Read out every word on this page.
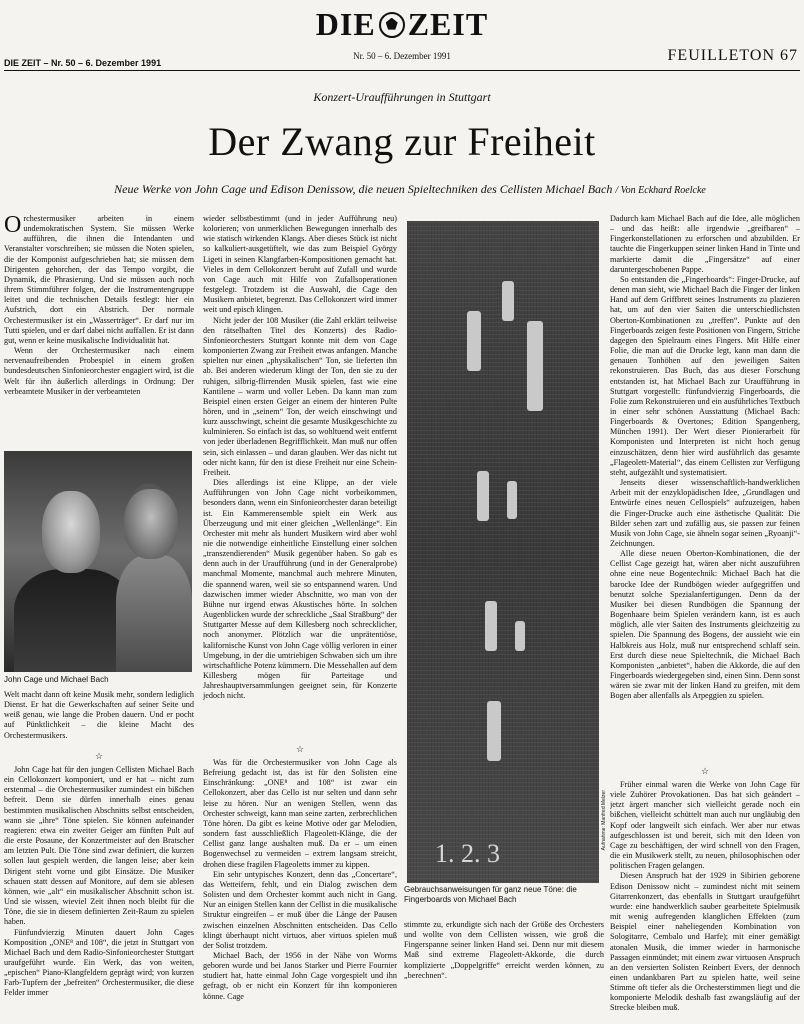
DIE ZEIT
Nr. 50 – 6. Dezember 1991
DIE ZEIT – Nr. 50 – 6. Dezember 1991	FEUILLETON 67
Konzert-Uraufführungen in Stuttgart
Der Zwang zur Freiheit
Neue Werke von John Cage und Edison Denissow, die neuen Spieltechniken des Cellisten Michael Bach / Von Eckhard Roelcke

Orchestermusiker arbeiten in einem undemokratischen System. Sie müssen Werke aufführen, die ihnen die Intendanten und Veranstalter vorschreiben; sie müssen die Noten spielen, die der Komponist aufgeschrieben hat; sie müssen dem Dirigenten gehorchen, der das Tempo vorgibt, die Dynamik, die Phrasierung. Und sie müssen auch noch ihrem Stimmführer folgen, der die Instrumentengruppe leitet und die technischen Details festlegt: hier ein Aufstrich, dort ein Abstrich. Der normale Orchestermusiker ist ein „Wasserträger“. Er darf nur im Tutti spielen, und er darf dabei nicht auffallen. Er ist dann gut, wenn er keine musikalische Individualität hat.

Wenn der Orchestermusiker nach einem nervenaufreibenden Probespiel in einem großen bundesdeutschen Sinfonieorchester engagiert wird, ist die Welt für ihn äußerlich allerdings in Ordnung: Der verbeamtete Musiker in der verbeamteten

John Cage und Michael Bach

Welt macht dann oft keine Musik mehr, sondern lediglich Dienst. Er hat die Gewerkschaften auf seiner Seite und weiß genau, wie lange die Proben dauern. Und er pocht auf Pünktlichkeit – die kleine Macht des Orchestermusikers.

☆

John Cage hat für den jungen Cellisten Michael Bach ein Cellokonzert komponiert, und er hat – nicht zum erstenmal – die Orchestermusiker zumindest ein bißchen befreit. Denn sie dürfen innerhalb eines genau bestimmten musikalischen Abschnitts selbst entscheiden, wann sie „ihre“ Töne spielen. Sie können aufeinander reagieren: etwa ein zweiter Geiger am fünften Pult auf die erste Posaune, der Konzertmeister auf den Bratscher am letzten Pult. Die Töne sind zwar definiert, die kurzen sollen laut gespielt werden, die langen leise; aber kein Dirigent steht vorne und gibt Einsätze. Die Musiker schauen statt dessen auf Monitore, auf dem sie ablesen können, wie „alt“ ein musikalischer Abschnitt schon ist. Und sie wissen, wieviel Zeit ihnen noch bleibt für die Töne, die sie in diesem definierten Zeit-Raum zu spielen haben.

Fünfundvierzig Minuten dauert John Cages Komposition „ONE⁸ and 108“, die jetzt in Stuttgart von Michael Bach und dem Radio-Sinfonieorchester Stuttgart uraufgeführt wurde. Ein Werk, das von weiten, „epischen“ Piano-Klangfeldern geprägt wird; von kurzen Farb-Tupfern der „befreiten“ Orchestermusiker, die diese Felder immer

wieder selbstbestimmt (und in jeder Aufführung neu) kolorieren; von unmerklichen Bewegungen innerhalb des wie statisch wirkenden Klangs. Aber dieses Stück ist nicht so kalkuliert-ausgetüftelt, wie das zum Beispiel György Ligeti in seinen Klangfarben-Kompositionen gemacht hat. Vieles in dem Cellokonzert beruht auf Zufall und wurde von Cage auch mit Hilfe von Zufallsoperationen festgelegt. Trotzdem ist die Auswahl, die Cage den Musikern anbietet, begrenzt. Das Cellokonzert wird immer weit und episch klingen.

Nicht jeder der 108 Musiker (die Zahl erklärt teilweise den rätselhaften Titel des Konzerts) des Radio-Sinfonieorchesters Stuttgart konnte mit dem von Cage komponierten Zwang zur Freiheit etwas anfangen. Manche spielten nur einen „physikalischen“ Ton, sie lieferten ihn ab. Bei anderen wiederum klingt der Ton, den sie zu der ruhigen, silbrig-flirrenden Musik spielen, fast wie eine Kantilene – warm und voller Leben. Da kann man zum Beispiel einen ersten Geiger an einem der hinteren Pulte hören, und in „seinem“ Ton, der weich einschwingt und kurz ausschwingt, scheint die gesamte Musikgeschichte zu kulminieren. So einfach ist das, so wohltuend weit entfernt von jeder überladenen Begrifflichkeit. Man muß nur offen sein, sich einlassen – und daran glauben. Wer das nicht tut oder nicht kann, für den ist diese Freiheit nur eine Schein-Freiheit.

Dies allerdings ist eine Klippe, an der viele Aufführungen von John Cage nicht vorbeikommen, besonders dann, wenn ein Sinfonieorchester daran beteiligt ist. Ein Kammerensemble spielt ein Werk aus Überzeugung und mit einer gleichen „Wellenlänge“. Ein Orchester mit mehr als hundert Musikern wird aber wohl nie die notwendige einheitliche Einstellung einer solchen „transzendierenden“ Musik gegenüber haben. So gab es denn auch in der Uraufführung (und in der Generalprobe) manchmal Momente, manchmal auch mehrere Minuten, die spannend waren, weil sie so entspannend waren. Und dazwischen immer wieder Abschnitte, wo man von der Bühne nur irgend etwas Akustisches hörte. In solchen Augenblicken wurde der schreckliche „Saal Straßburg“ der Stuttgarter Messe auf dem Killesberg noch schrecklicher, noch anonymer. Plötzlich war die unprätentiöse, kalifornische Kunst von John Cage völlig verloren in einer Umgebung, in der die umtriebigen Schwaben sich um ihre wirtschaftliche Potenz kümmern. Die Messehallen auf dem Killesberg mögen für Parteitage und Jahreshauptversammlungen geeignet sein, für Konzerte jedoch nicht.

☆

Was für die Orchestermusiker von John Cage als Befreiung gedacht ist, das ist für den Solisten eine Einschränkung: „ONE⁸ and 108“ ist zwar ein Cellokonzert, aber das Cello ist nur selten und dann sehr leise zu hören. Nur an wenigen Stellen, wenn das Orchester schweigt, kann man seine zarten, zerbrechlichen Töne hören. Da gibt es keine Motive oder gar Melodien, sondern fast ausschließlich Flageolett-Klänge, die der Cellist ganz lange aushalten muß. Da er – um einen Bogenwechsel zu vermeiden – extrem langsam streicht, drohen diese fragilen Flageoletts immer zu kippen.

Ein sehr untypisches Konzert, denn das „Concertare“, das Wetteifern, fehlt, und ein Dialog zwischen dem Solisten und dem Orchester kommt auch nicht in Gang. Nur an einigen Stellen kann der Cellist in die musikalische Struktur eingreifen – er muß über die Länge der Pausen zwischen einzelnen Abschnitten entscheiden. Das Cello klingt überhaupt nicht virtuos, aber virtuos spielen muß der Solist trotzdem.

Michael Bach, der 1956 in der Nähe von Worms geboren wurde und bei Janos Starker und Pierre Fournier studiert hat, hatte einmal John Cage vorgespielt und ihn gefragt, ob er nicht ein Konzert für ihn komponieren könne. Cage

1. 2. 3
Aufnahme: Manfred Melzer
Gebrauchsanweisungen für ganz neue Töne: die Fingerboards von Michael Bach

stimmte zu, erkundigte sich nach der Größe des Orchesters und wollte von dem Cellisten wissen, wie groß die Fingerspanne seiner linken Hand sei. Denn nur mit diesem Maß sind extreme Flageolett-Akkorde, die durch komplizierte „Doppelgriffe“ erreicht werden können, zu „berechnen“.

Dadurch kam Michael Bach auf die Idee, alle möglichen – und das heißt: alle irgendwie „greifbaren“ – Fingerkonstellationen zu erforschen und abzubilden. Er tauchte die Fingerkuppen seiner linken Hand in Tinte und markierte damit die „Fingersätze“ auf einer daruntergeschobenen Pappe.

So entstanden die „Fingerboards“: Finger-Drucke, auf denen man sieht, wie Michael Bach die Finger der linken Hand auf dem Griffbrett seines Instruments zu plazieren hat, um auf den vier Saiten die unterschiedlichsten Oberton-Kombinationen zu „treffen“. Punkte auf den Fingerboards zeigen feste Positionen von Fingern, Striche dagegen den Spielraum eines Fingers. Mit Hilfe einer Folie, die man auf die Drucke legt, kann man dann die genauen Tonhöhen auf den jeweiligen Saiten rekonstruieren. Das Buch, das aus dieser Forschung entstanden ist, hat Michael Bach zur Uraufführung in Stuttgart vorgestellt: fünfundvierzig Fingerboards, die Folie zum Rekonstruieren und ein ausführliches Textbuch in einer sehr schönen Ausstattung (Michael Bach: Fingerboards & Overtones; Edition Spangenberg, München 1991). Der Wert dieser Pionierarbeit für Komponisten und Interpreten ist nicht hoch genug einzuschätzen, denn hier wird ausführlich das gesamte „Flageolett-Material“, das einem Cellisten zur Verfügung steht, aufgezählt und systematisiert.

Jenseits dieser wissenschaftlich-handwerklichen Arbeit mit der enzyklopädischen Idee, „Grundlagen und Entwürfe eines neuen Cellospiels“ aufzuzeigen, haben die Finger-Drucke auch eine ästhetische Qualität: Die Bilder sehen zart und zufällig aus, sie passen zur feinen Musik von John Cage, sie ähneln sogar seinen „Ryoanji“-Zeichnungen.

Alle diese neuen Oberton-Kombinationen, die der Cellist Cage gezeigt hat, wären aber nicht auszuführen ohne eine neue Bogentechnik: Michael Bach hat die barocke Idee der Rundbögen wieder aufgegriffen und benutzt solche Spezialanfertigungen. Denn da der Musiker bei diesen Rundbögen die Spannung der Bogenhaare beim Spielen verändern kann, ist es auch möglich, alle vier Saiten des Instruments gleichzeitig zu spielen. Die Spannung des Bogens, der aussieht wie ein Halbkreis aus Holz, muß nur entsprechend schlaff sein. Erst durch diese neue Spieltechnik, die Michael Bach Komponisten „anbietet“, haben die Akkorde, die auf den Fingerboards wiedergegeben sind, einen Sinn. Denn sonst wären sie zwar mit der linken Hand zu greifen, mit dem Bogen aber allenfalls als Arpeggien zu spielen.

☆

Früher einmal waren die Werke von John Cage für viele Zuhörer Provokationen. Das hat sich geändert – jetzt ärgert mancher sich vielleicht gerade noch ein bißchen, vielleicht schüttelt man auch nur ungläubig den Kopf oder langweilt sich einfach. Wer aber nur etwas aufgeschlossen ist und bereit, sich mit den Ideen von Cage zu beschäftigen, der wird schnell von den Fragen, die ein Musikwerk stellt, zu neuen, philosophischen oder politischen Fragen gelangen.

Diesen Anspruch hat der 1929 in Sibirien geborene Edison Denissow nicht – zumindest nicht mit seinem Gitarrenkonzert, das ebenfalls in Stuttgart uraufgeführt wurde: eine handwerklich sauber gearbeitete Spielmusik mit wenig aufregenden klanglichen Effekten (zum Beispiel einer naheliegenden Kombination von Sologitarre, Cembalo und Harfe); mit einer gemäßigt atonalen Musik, die immer wieder in harmonische Passagen einmündet; mit einem zwar virtuosen Anspruch an den versierten Solisten Reinbert Evers, der dennoch einen undankbaren Part zu spielen hatte, weil seine Stimme oft tiefer als die Orchesterstimmen liegt und die komponierte Melodik deshalb fast zwangsläufig auf der Strecke bleiben muß.
